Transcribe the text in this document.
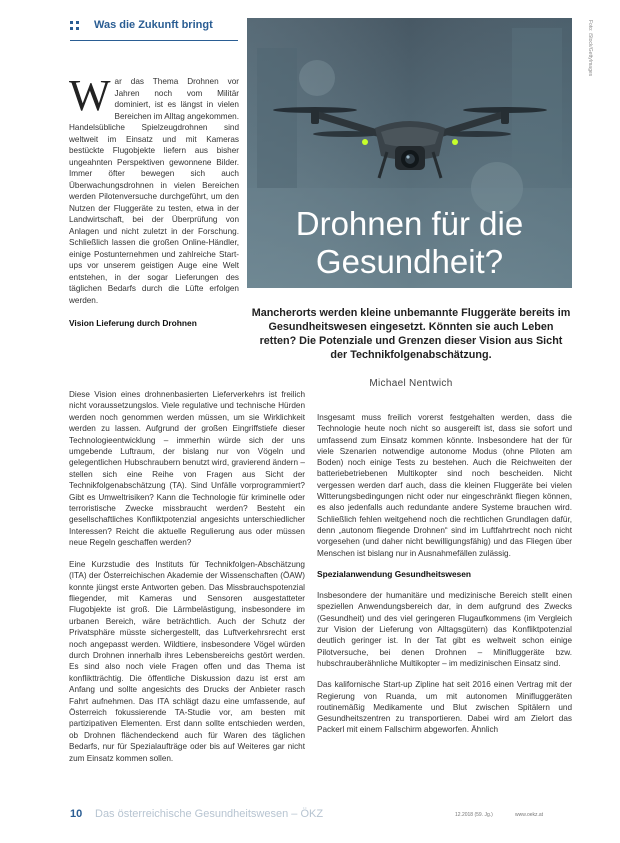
Was die Zukunft bringt
Drohnen für die
Gesundheit?
Foto: iStock/GettyImages

W ar das Thema Drohnen vor Jahren noch vom Militär dominiert, ist es längst in vielen Bereichen im Alltag angekommen. Handelsübliche Spielzeugdrohnen sind weltweit im Einsatz und mit Kameras bestückte Flugobjekte liefern aus bisher ungeahnten Perspektiven gewonnene Bilder. Immer öfter bewegen sich auch Überwachungsdrohnen in vielen Bereichen werden Pilotenversuche durchgeführt, um den Nutzen der Fluggeräte zu testen, etwa in der Landwirtschaft, bei der Überprüfung von Anlagen und nicht zuletzt in der Forschung. Schließlich lassen die großen Online-Händler, einige Postunternehmen und zahlreiche Start-ups vor unserem geistigen Auge eine Welt entstehen, in der sogar Lieferungen des täglichen Bedarfs durch die Lüfte erfolgen werden.

Vision Lieferung durch Drohnen
Mancherorts werden kleine unbemannte Fluggeräte bereits im Gesundheitswesen eingesetzt. Könnten sie auch Leben retten? Die Potenziale und Grenzen dieser Vision aus Sicht der Technikfolgenabschätzung.
Michael Nentwich

Diese Vision eines drohnenbasierten Lieferverkehrs ist freilich nicht voraussetzungslos. Viele regulative und technische Hürden werden noch genommen werden müssen, um sie Wirklichkeit werden zu lassen. Aufgrund der großen Eingriffstiefe dieser Technologieentwicklung – immerhin würde sich der uns umgebende Luftraum, der bislang nur von Vögeln und gelegentlichen Hubschraubern benutzt wird, gravierend ändern – stellen sich eine Reihe von Fragen aus Sicht der Technikfolgenabschätzung (TA). Sind Unfälle vorprogrammiert? Gibt es Umweltrisiken? Kann die Technologie für kriminelle oder terroristische Zwecke missbraucht werden? Besteht ein gesellschaftliches Konfliktpotenzial angesichts unterschiedlicher Interessen? Reicht die aktuelle Regulierung aus oder müssen neue Regeln geschaffen werden?

Eine Kurzstudie des Instituts für Technikfolgen-Abschätzung (ITA) der Österreichischen Akademie der Wissenschaften (ÖAW) konnte jüngst erste Antworten geben. Das Missbrauchspotenzial fliegender, mit Kameras und Sensoren ausgestatteter Flugobjekte ist groß. Die Lärmbelästigung, insbesondere im urbanen Bereich, wäre beträchtlich. Auch der Schutz der Privatsphäre müsste sichergestellt, das Luftverkehrsrecht erst noch angepasst werden. Wildtiere, insbesondere Vögel würden durch Drohnen innerhalb ihres Lebensbereichs gestört werden. Es sind also noch viele Fragen offen und das Thema ist konfliktträchtig. Die öffentliche Diskussion dazu ist erst am Anfang und sollte angesichts des Drucks der Anbieter rasch Fahrt aufnehmen. Das ITA schlägt dazu eine umfassende, auf Österreich fokussierende TA-Studie vor, am besten mit partizipativen Elementen. Erst dann sollte entschieden werden, ob Drohnen flächendeckend auch für Waren des täglichen Bedarfs, nur für Spezialaufträge oder bis auf Weiteres gar nicht zum Einsatz kommen sollen.

Insgesamt muss freilich vorerst festgehalten werden, dass die Technologie heute noch nicht so ausgereift ist, dass sie sofort und umfassend zum Einsatz kommen könnte. Insbesondere hat der für viele Szenarien notwendige autonome Modus (ohne Piloten am Boden) noch einige Tests zu bestehen. Auch die Reichweiten der batteriebetriebenen Multikopter sind noch bescheiden. Nicht vergessen werden darf auch, dass die kleinen Fluggeräte bei vielen Witterungsbedingungen nicht oder nur eingeschränkt fliegen können, es also jedenfalls auch redundante andere Systeme brauchen wird. Schließlich fehlen weitgehend noch die rechtlichen Grundlagen dafür, denn „autonom fliegende Drohnen“ sind im Luftfahrtrecht noch nicht vorgesehen (und daher nicht bewilligungsfähig) und das Fliegen über Menschen ist bislang nur in Ausnahmefällen zulässig.

Spezialanwendung Gesundheitswesen

Insbesondere der humanitäre und medizinische Bereich stellt einen speziellen Anwendungsbereich dar, in dem aufgrund des Zwecks (Gesundheit) und des viel geringeren Flugaufkommens (im Vergleich zur Vision der Lieferung von Alltagsgütern) das Konfliktpotenzial deutlich geringer ist. In der Tat gibt es weltweit schon einige Pilotversuche, bei denen Drohnen – Minifluggeräte bzw. hubschrauberähnliche Multikopter – im medizinischen Einsatz sind.

Das kalifornische Start-up Zipline hat seit 2016 einen Vertrag mit der Regierung von Ruanda, um mit autonomen Minifluggeräten routinemäßig Medikamente und Blut zwischen Spitälern und Gesundheitszentren zu transportieren. Dabei wird am Zielort das Packerl mit einem Fallschirm abgeworfen. Ähnlich

10 Das österreichische Gesundheitswesen – ÖKZ	12.2018 (59. Jg.)	www.oekz.at
